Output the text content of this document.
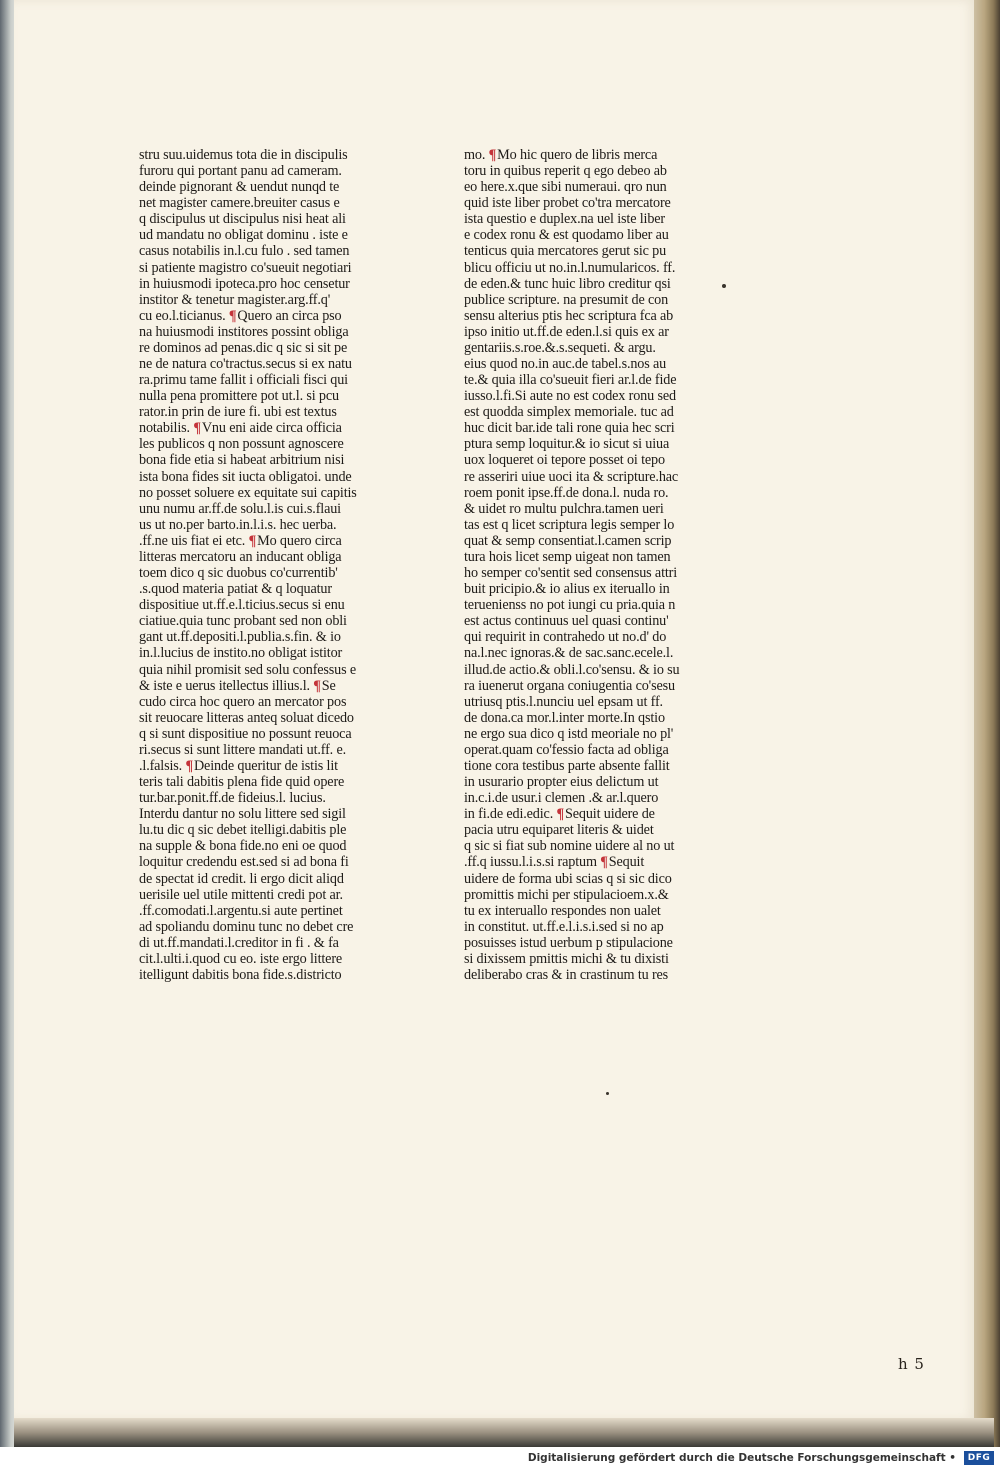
stru suu.uidemus tota die in discipulis
furoru qui portant panu ad cameram.
deinde pignorant & uendut nunqd te
net magister camere.breuiter casus e
q discipulus ut discipulus nisi heat ali
ud mandatu no obligat dominu . iste e
casus notabilis in.l.cu fulo . sed tamen
si patiente magistro co'sueuit negotiari
in huiusmodi ipoteca.pro hoc censetur
institor & tenetur magister.arg.ff.q'
cu eo.l.ticianus. ¶Quero an circa pso
na huiusmodi institores possint obliga
re dominos ad penas.dic q sic si sit pe
ne de natura co'tractus.secus si ex natu
ra.primu tame fallit i officiali fisci qui
nulla pena promittere pot ut.l. si pcu
rator.in prin de iure fi. ubi est textus
notabilis. ¶Vnu eni aide circa officia
les publicos q non possunt agnoscere
bona fide etia si habeat arbitrium nisi
ista bona fides sit iucta obligatoi. unde
no posset soluere ex equitate sui capitis
unu numu ar.ff.de solu.l.is cui.s.flaui
us ut no.per barto.in.l.i.s. hec uerba.
.ff.ne uis fiat ei etc. ¶Mo quero circa
litteras mercatoru an inducant obliga
toem dico q sic duobus co'currentib'
.s.quod materia patiat & q loquatur
dispositiue ut.ff.e.l.ticius.secus si enu
ciatiue.quia tunc probant sed non obli
gant ut.ff.depositi.l.publia.s.fin. & io
in.l.lucius de instito.no obligat istitor
quia nihil promisit sed solu confessus e
& iste e uerus itellectus illius.l. ¶Se
cudo circa hoc quero an mercator pos
sit reuocare litteras anteq soluat dicedo
q si sunt dispositiue no possunt reuoca
ri.secus si sunt littere mandati ut.ff. e.
.l.falsis. ¶Deinde queritur de istis lit
teris tali dabitis plena fide quid opere
tur.bar.ponit.ff.de fideius.l. lucius.
Interdu dantur no solu littere sed sigil
lu.tu dic q sic debet itelligi.dabitis ple
na supple & bona fide.no eni oe quod
loquitur credendu est.sed si ad bona fi
de spectat id credit. li ergo dicit aliqd
uerisile uel utile mittenti credi pot ar.
.ff.comodati.l.argentu.si aute pertinet
ad spoliandu dominu tunc no debet cre
di ut.ff.mandati.l.creditor in fi . & fa
cit.l.ulti.i.quod cu eo. iste ergo littere
itelligunt dabitis bona fide.s.districto
mo. ¶Mo hic quero de libris merca
toru in quibus reperit q ego debeo ab
eo here.x.que sibi numeraui. qro nun
quid iste liber probet co'tra mercatore
ista questio e duplex.na uel iste liber
e codex ronu & est quodamo liber au
tenticus quia mercatores gerut sic pu
blicu officiu ut no.in.l.numularicos. ff.
de eden.& tunc huic libro creditur qsi
publice scripture. na presumit de con
sensu alterius ptis hec scriptura fca ab
ipso initio ut.ff.de eden.l.si quis ex ar
gentariis.s.roe.&.s.sequeti. & argu.
eius quod no.in auc.de tabel.s.nos au
te.& quia illa co'sueuit fieri ar.l.de fide
iusso.l.fi.Si aute no est codex ronu sed
est quodda simplex memoriale. tuc ad
huc dicit bar.ide tali rone quia hec scri
ptura semp loquitur.& io sicut si uiua
uox loqueret oi tepore posset oi tepo
re asseriri uiue uoci ita & scripture.hac
roem ponit ipse.ff.de dona.l. nuda ro.
& uidet ro multu pulchra.tamen ueri
tas est q licet scriptura legis semper lo
quat & semp consentiat.l.camen scrip
tura hois licet semp uigeat non tamen
ho semper co'sentit sed consensus attri
buit pricipio.& io alius ex iteruallo in
teruenienss no pot iungi cu pria.quia n
est actus continuus uel quasi continu'
qui requirit in contrahedo ut no.d' do
na.l.nec ignoras.& de sac.sanc.ecele.l.
illud.de actio.& obli.l.co'sensu. & io su
ra iuenerut organa coniugentia co'sesu
utriusq ptis.l.nunciu uel epsam ut ff.
de dona.ca mor.l.inter morte.In qstio
ne ergo sua dico q istd meoriale no pl'
operat.quam co'fessio facta ad obliga
tione cora testibus parte absente fallit
in usurario propter eius delictum ut
in.c.i.de usur.i clemen .& ar.l.quero
in fi.de edi.edic. ¶Sequit uidere de
pacia utru equiparet literis & uidet
q sic si fiat sub nomine uidere al no ut
.ff.q iussu.l.i.s.si raptum ¶Sequit
uidere de forma ubi scias q si sic dico
promittis michi per stipulacioem.x.&
tu ex interuallo respondes non ualet
in constitut. ut.ff.e.l.i.s.i.sed si no ap
posuisses istud uerbum p stipulacione
si dixissem pmittis michi & tu dixisti
deliberabo cras & in crastinum tu res
h 5
Digitalisierung gefördert durch die Deutsche Forschungsgemeinschaft •	DFG
